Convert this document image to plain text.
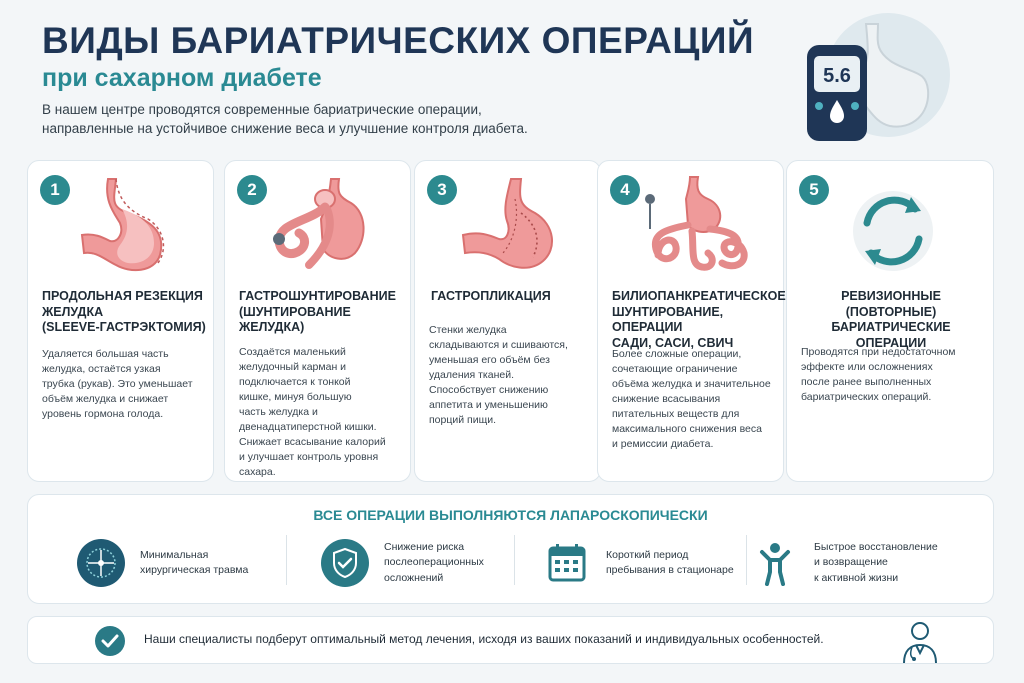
ВИДЫ БАРИАТРИЧЕСКИХ ОПЕРАЦИЙ
при сахарном диабете
В нашем центре проводятся современные бариатрические операции,
направленные на устойчивое снижение веса и улучшение контроля диабета.
5.6
1
ПРОДОЛЬНАЯ РЕЗЕКЦИЯ
ЖЕЛУДКА
(SLEEVE-ГАСТРЭКТОМИЯ)
Удаляется большая часть
желудка, остаётся узкая
трубка (рукав). Это уменьшает
объём желудка и снижает
уровень гормона голода.
2
ГАСТРОШУНТИРОВАНИЕ
(ШУНТИРОВАНИЕ
ЖЕЛУДКА)
Создаётся маленький
желудочный карман и
подключается к тонкой
кишке, минуя большую
часть желудка и
двенадцатиперстной кишки.
Снижает всасывание калорий
и улучшает контроль уровня
сахара.
3
ГАСТРОПЛИКАЦИЯ
Стенки желудка
складываются и сшиваются,
уменьшая его объём без
удаления тканей.
Способствует снижению
аппетита и уменьшению
порций пищи.
4
БИЛИОПАНКРЕАТИЧЕСКОЕ
ШУНТИРОВАНИЕ, ОПЕРАЦИИ
САДИ, САСИ, СВИЧ
Более сложные операции,
сочетающие ограничение
объёма желудка и значительное
снижение всасывания
питательных веществ для
максимального снижения веса
и ремиссии диабета.
5
РЕВИЗИОННЫЕ
(ПОВТОРНЫЕ)
БАРИАТРИЧЕСКИЕ ОПЕРАЦИИ
Проводятся при недостаточном
эффекте или осложнениях
после ранее выполненных
бариатрических операций.
ВСЕ ОПЕРАЦИИ ВЫПОЛНЯЮТСЯ ЛАПАРОСКОПИЧЕСКИ
Минимальная
хирургическая травма
Снижение риска
послеоперационных
осложнений
Короткий период
пребывания в стационаре
Быстрое восстановление
и возвращение
к активной жизни
Наши специалисты подберут оптимальный метод лечения, исходя из ваших показаний и индивидуальных особенностей.
